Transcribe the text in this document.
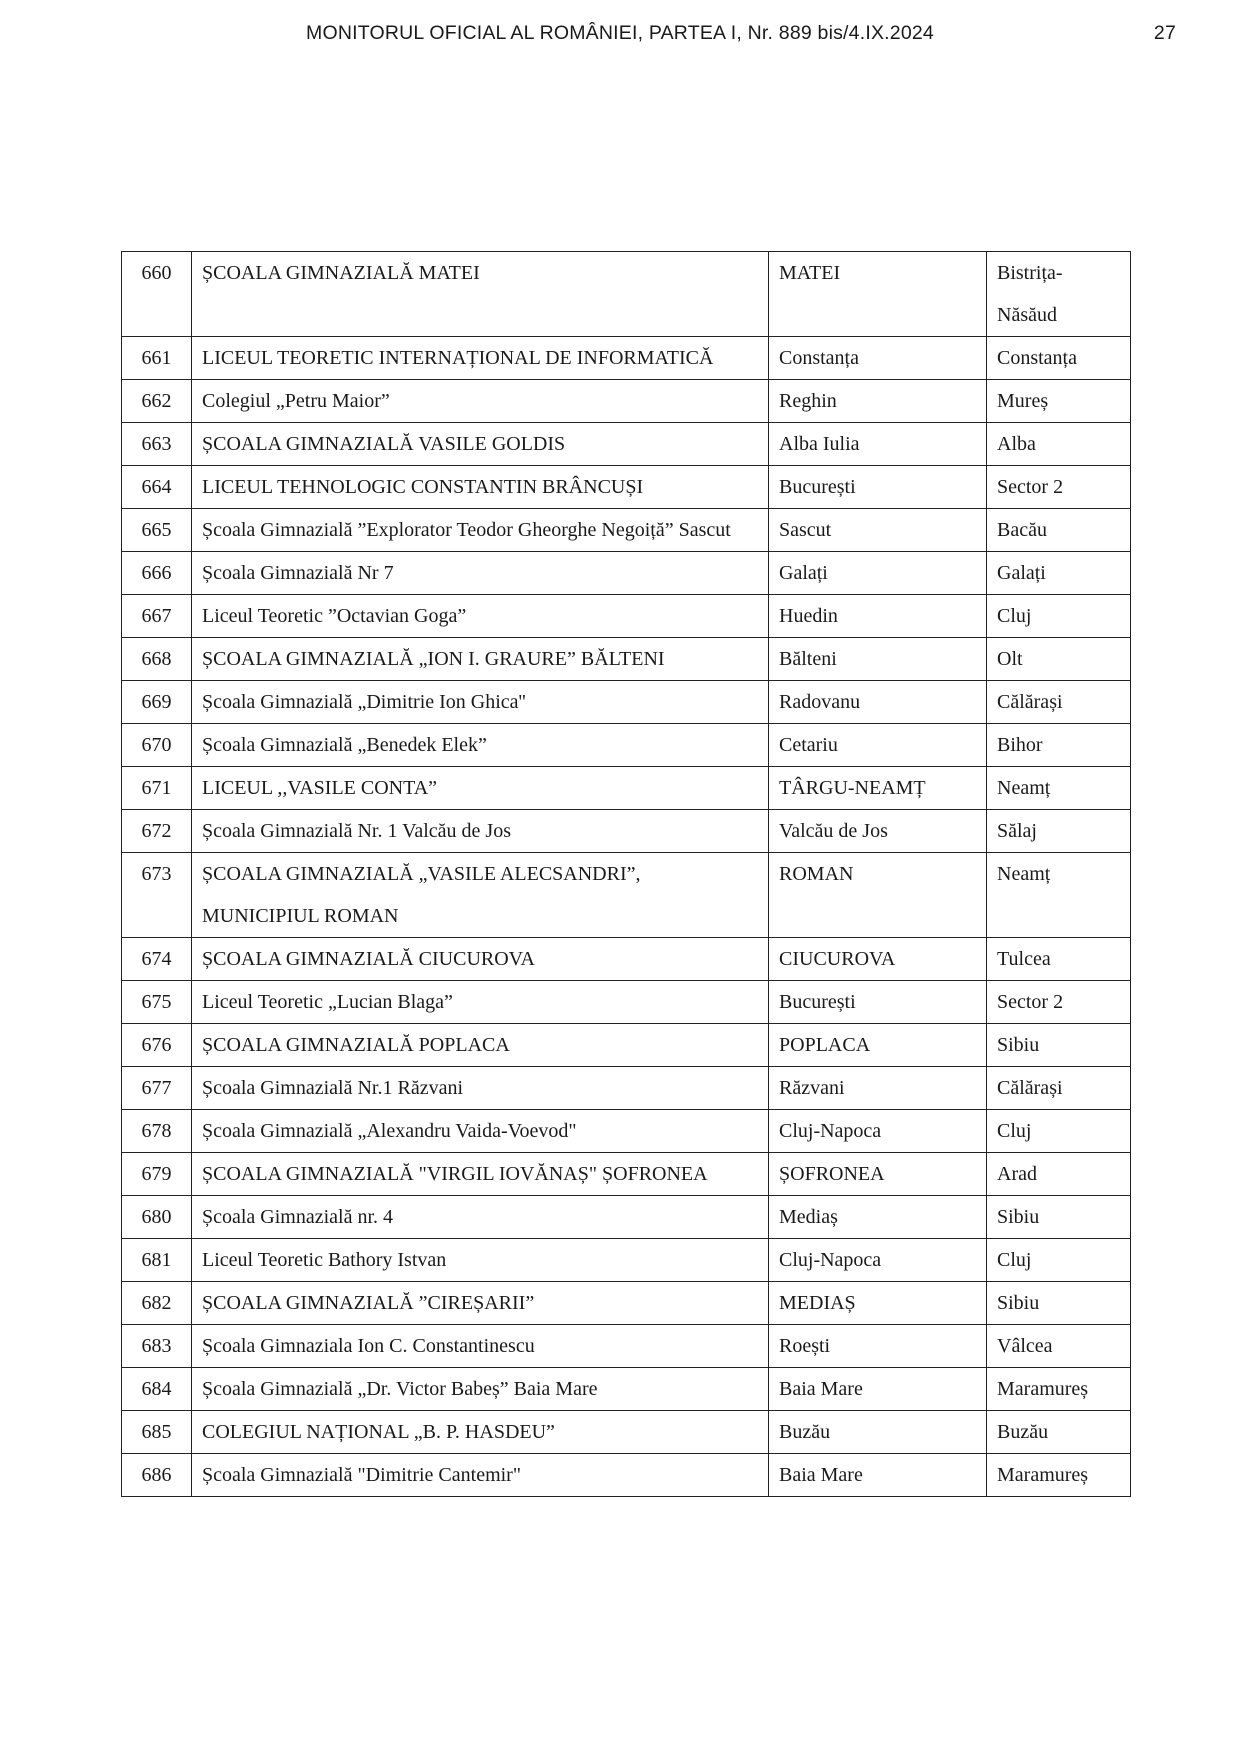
MONITORUL OFICIAL AL ROMÂNIEI, PARTEA I, Nr. 889 bis/4.IX.2024	27
660	ȘCOALA GIMNAZIALĂ MATEI	MATEI	Bistrița-Năsăud
661	LICEUL TEORETIC INTERNAȚIONAL DE INFORMATICĂ	Constanța	Constanța
662	Colegiul „Petru Maior”	Reghin	Mureș
663	ȘCOALA GIMNAZIALĂ VASILE GOLDIS	Alba Iulia	Alba
664	LICEUL TEHNOLOGIC CONSTANTIN BRÂNCUȘI	București	Sector 2
665	Școala Gimnazială ”Explorator Teodor Gheorghe Negoiță” Sascut	Sascut	Bacău
666	Școala Gimnazială Nr 7	Galați	Galați
667	Liceul Teoretic ”Octavian Goga”	Huedin	Cluj
668	ȘCOALA GIMNAZIALĂ „ION I. GRAURE” BĂLTENI	Bălteni	Olt
669	Școala Gimnazială „Dimitrie Ion Ghica''	Radovanu	Călărași
670	Școala Gimnazială „Benedek Elek”	Cetariu	Bihor
671	LICEUL ,,VASILE CONTA”	TÂRGU-NEAMȚ	Neamț
672	Școala Gimnazială Nr. 1 Valcău de Jos	Valcău de Jos	Sălaj
673	ȘCOALA GIMNAZIALĂ „VASILE ALECSANDRI”, MUNICIPIUL ROMAN	ROMAN	Neamț
674	ȘCOALA GIMNAZIALĂ CIUCUROVA	CIUCUROVA	Tulcea
675	Liceul Teoretic „Lucian Blaga”	București	Sector 2
676	ȘCOALA GIMNAZIALĂ POPLACA	POPLACA	Sibiu
677	Școala Gimnazială Nr.1 Răzvani	Răzvani	Călărași
678	Școala Gimnazială „Alexandru Vaida-Voevod"	Cluj-Napoca	Cluj
679	ȘCOALA GIMNAZIALĂ "VIRGIL IOVĂNAȘ" ȘOFRONEA	ȘOFRONEA	Arad
680	Școala Gimnazială nr. 4	Mediaș	Sibiu
681	Liceul Teoretic Bathory Istvan	Cluj-Napoca	Cluj
682	ȘCOALA GIMNAZIALĂ ”CIREȘARII”	MEDIAȘ	Sibiu
683	Școala Gimnaziala Ion C. Constantinescu	Roești	Vâlcea
684	Școala Gimnazială „Dr. Victor Babeș” Baia Mare	Baia Mare	Maramureș
685	COLEGIUL NAȚIONAL „B. P. HASDEU”	Buzău	Buzău
686	Școala Gimnazială "Dimitrie Cantemir"	Baia Mare	Maramureș
